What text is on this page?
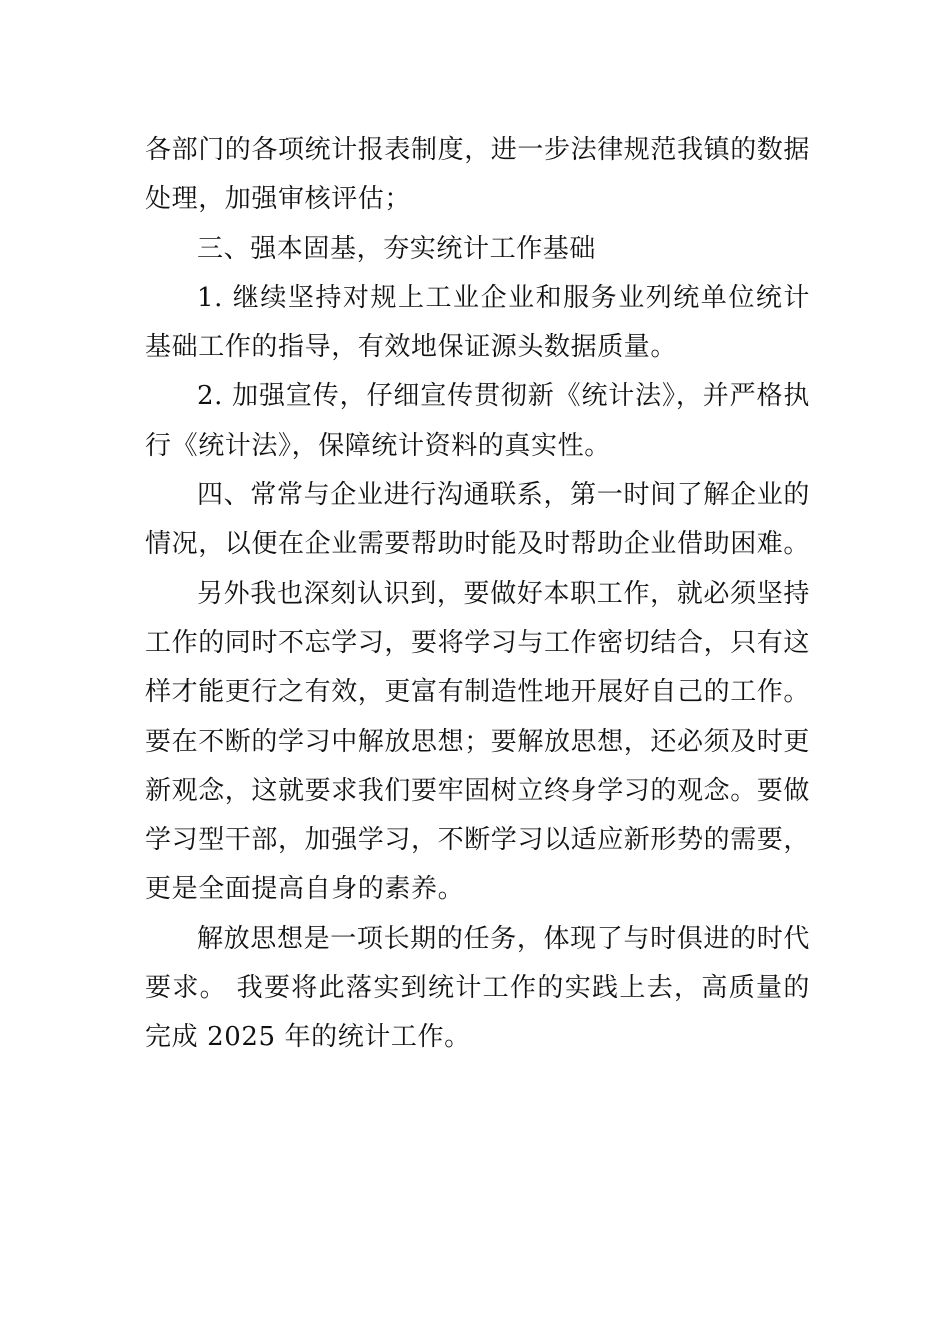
各部门的各项统计报表制度，进一步法律规范我镇的数据处理，加强审核评估；

三、强本固基，夯实统计工作基础

1. 继续坚持对规上工业企业和服务业列统单位统计基础工作的指导，有效地保证源头数据质量。

2. 加强宣传，仔细宣传贯彻新《统计法》，并严格执行《统计法》，保障统计资料的真实性。

四、常常与企业进行沟通联系，第一时间了解企业的情况，以便在企业需要帮助时能及时帮助企业借助困难。

另外我也深刻认识到，要做好本职工作，就必须坚持工作的同时不忘学习，要将学习与工作密切结合，只有这样才能更行之有效，更富有制造性地开展好自己的工作。要在不断的学习中解放思想；要解放思想，还必须及时更新观念，这就要求我们要牢固树立终身学习的观念。要做学习型干部，加强学习，不断学习以适应新形势的需要，更是全面提高自身的素养。

解放思想是一项长期的任务，体现了与时俱进的时代要求。 我要将此落实到统计工作的实践上去，高质量的完成 2025 年的统计工作。
